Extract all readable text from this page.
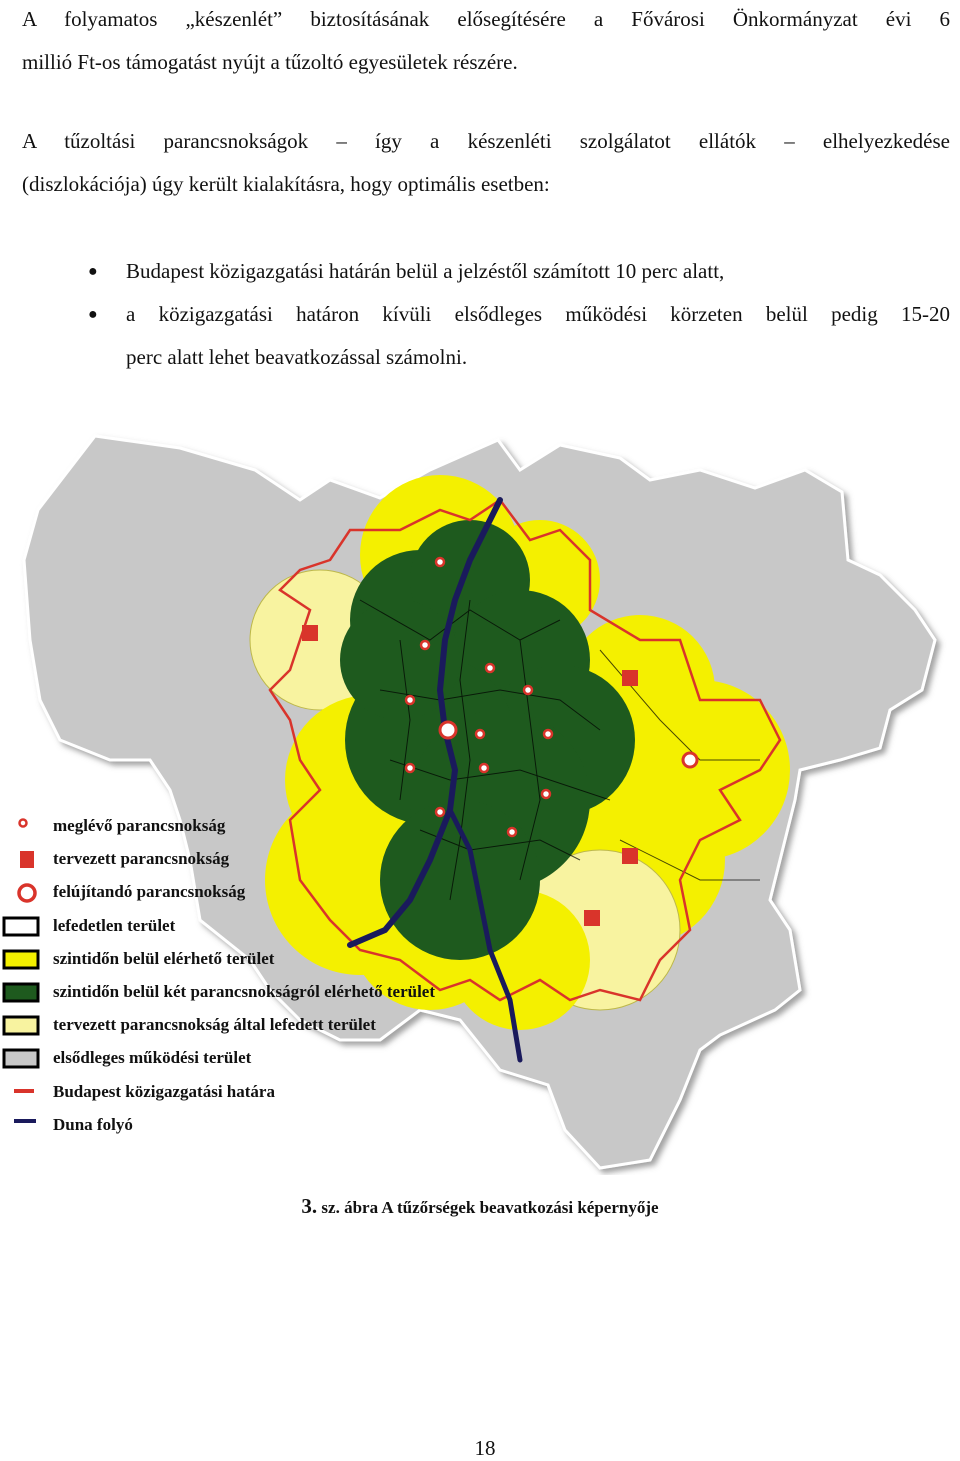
A folyamatos „készenlét” biztosításának elősegítésére a Fővárosi Önkormányzat évi 6
millió Ft-os támogatást nyújt a tűzoltó egyesületek részére.
A tűzoltási parancsnokságok – így a készenléti szolgálatot ellátók – elhelyezkedése
(diszlokációja) úgy került kialakításra, hogy optimális esetben:
● Budapest közigazgatási határán belül a jelzéstől számított 10 perc alatt,
● a közigazgatási határon kívüli elsődleges működési körzeten belül pedig 15-20
perc alatt lehet beavatkozással számolni.
meglévő parancsnokság
tervezett parancsnokság
felújítandó parancsnokság
lefedetlen terület
szintidőn belül elérhető terület
szintidőn belül két parancsnokságról elérhető terület
tervezett parancsnokság által lefedett terület
elsődleges működési terület
Budapest közigazgatási határa
Duna folyó
3. sz. ábra A tűzőrségek beavatkozási képernyője
18
